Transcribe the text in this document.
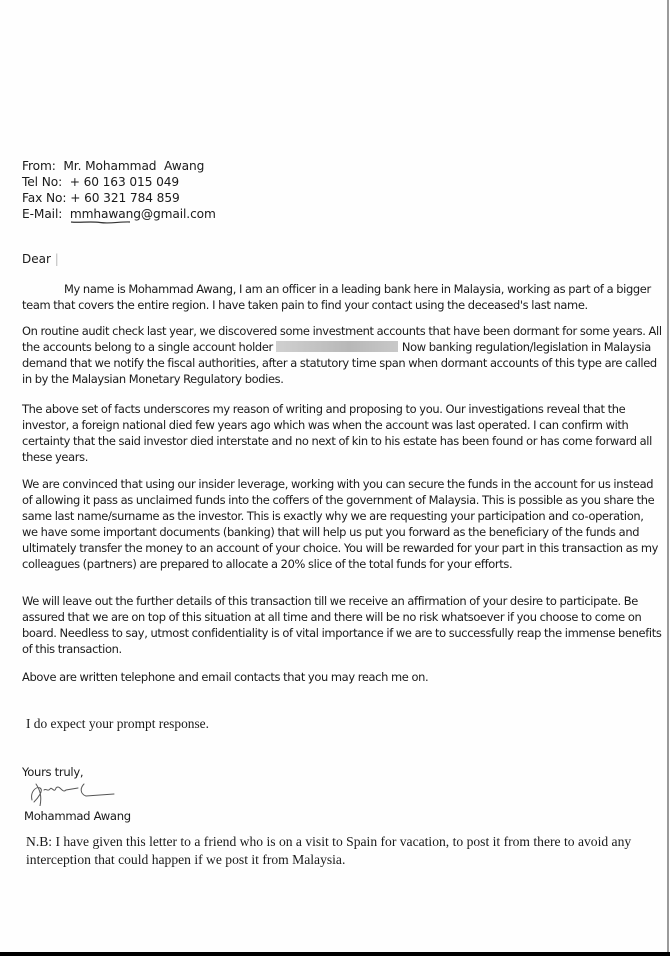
From: Mr. Mohammad  Awang
Tel No: + 60 163 015 049
Fax No: + 60 321 784 859
E-Mail: mmhawang@gmail.com
Dear |
My name is Mohammad Awang, I am an officer in a leading bank here in Malaysia, working as part of a bigger team that covers the entire region. I have taken pain to find your contact using the deceased's last name.
On routine audit check last year, we discovered some investment accounts that have been dormant for some years. All the accounts belong to a single account holder	Now banking regulation/legislation in Malaysia demand that we notify the fiscal authorities, after a statutory time span when dormant accounts of this type are called in by the Malaysian Monetary Regulatory bodies.
The above set of facts underscores my reason of writing and proposing to you. Our investigations reveal that the investor, a foreign national died few years ago which was when the account was last operated. I can confirm with certainty that the said investor died interstate and no next of kin to his estate has been found or has come forward all these years.
We are convinced that using our insider leverage, working with you can secure the funds in the account for us instead of allowing it pass as unclaimed funds into the coffers of the government of Malaysia. This is possible as you share the same last name/surname as the investor. This is exactly why we are requesting your participation and co-operation, we have some important documents (banking) that will help us put you forward as the beneficiary of the funds and ultimately transfer the money to an account of your choice. You will be rewarded for your part in this transaction as my colleagues (partners) are prepared to allocate a 20% slice of the total funds for your efforts.
We will leave out the further details of this transaction till we receive an affirmation of your desire to participate. Be assured that we are on top of this situation at all time and there will be no risk whatsoever if you choose to come on board. Needless to say, utmost confidentiality is of vital importance if we are to successfully reap the immense benefits of this transaction.
Above are written telephone and email contacts that you may reach me on.
I do expect your prompt response.
Yours truly,
Mohammad Awang
N.B: I have given this letter to a friend who is on a visit to Spain for vacation, to post it from there to avoid any interception that could happen if we post it from Malaysia.
